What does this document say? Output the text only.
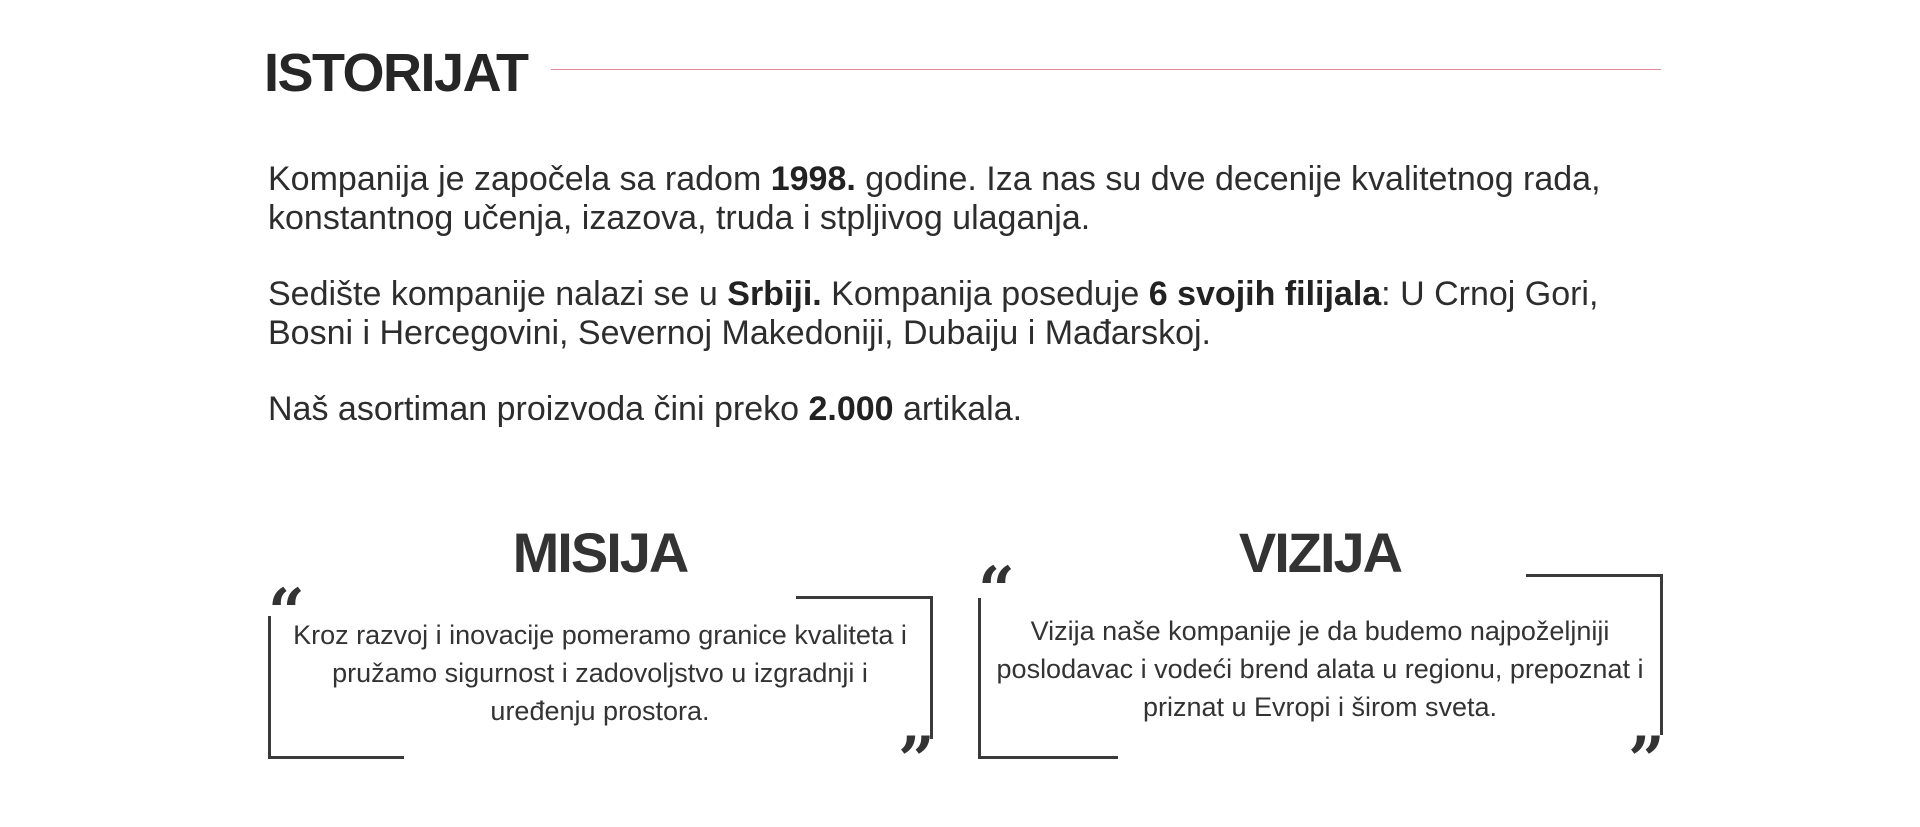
ISTORIJAT

Kompanija je započela sa radom 1998. godine. Iza nas su dve decenije kvalitetnog rada, konstantnog učenja, izazova, truda i stpljivog ulaganja.

Sedište kompanije nalazi se u Srbiji. Kompanija poseduje 6 svojih filijala: U Crnoj Gori, Bosni i Hercegovini, Severnoj Makedoniji, Dubaiju i Mađarskoj.

Naš asortiman proizvoda čini preko 2.000 artikala.

MISIJA
“

Kroz razvoj i inovacije pomeramo granice kvaliteta i pružamo sigurnost i zadovoljstvo u izgradnji i uređenju prostora.

”
VIZIJA
“

Vizija naše kompanije je da budemo najpoželjniji poslodavac i vodeći brend alata u regionu, prepoznat i priznat u Evropi i širom sveta.

”
